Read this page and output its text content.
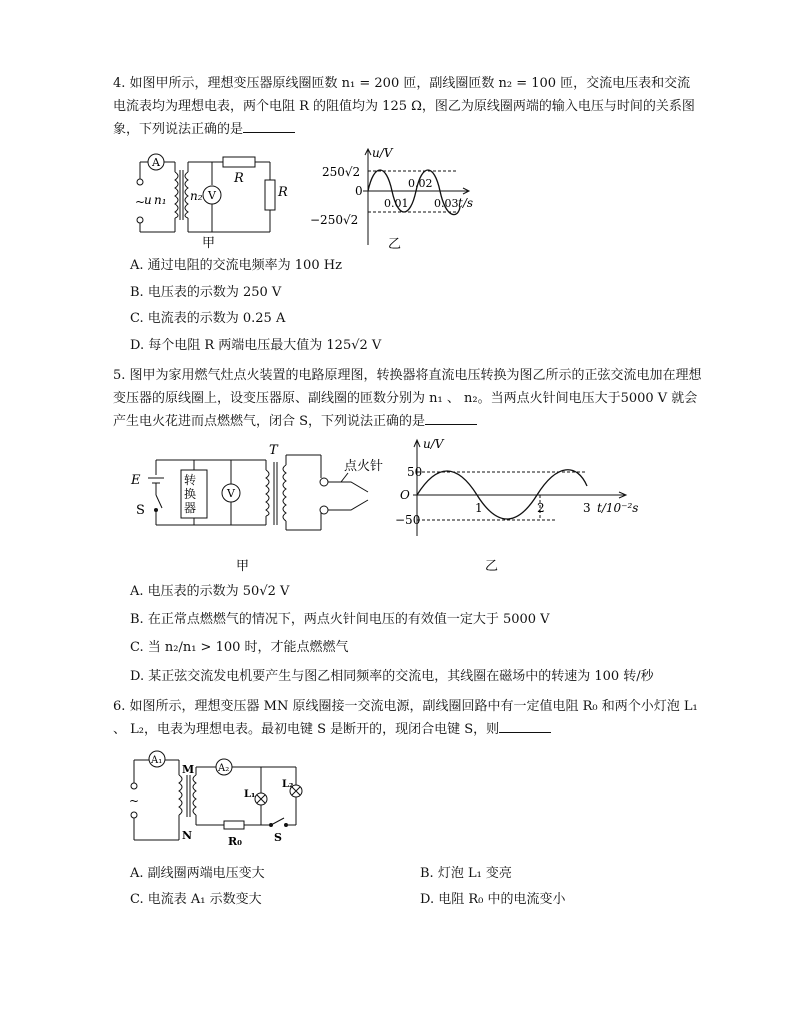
4. 如图甲所示，理想变压器原线圈匝数 n₁ = 200 匝，副线圈匝数 n₂ = 100 匝，交流电压表和交流电流表均为理想电表，两个电阻 R 的阻值均为 125 Ω，图乙为原线圈两端的输入电压与时间的关系图象，下列说法正确的是
A
~
u n₁ n₂ V
R
R
甲
u/V
250√2
0
−250√2
0.01
0.02
0.03 t/s
乙
A. 通过电阻的交流电频率为 100 Hz
B. 电压表的示数为 250 V
C. 电流表的示数为 0.25 A
D. 每个电阻 R 两端电压最大值为 125√2 V
5. 图甲为家用燃气灶点火装置的电路原理图，转换器将直流电压转换为图乙所示的正弦交流电加在理想变压器的原线圈上，设变压器原、副线圈的匝数分别为 n₁ 、 n₂。当两点火针间电压大于5000 V 就会产生电火花进而点燃燃气，闭合 S，下列说法正确的是
E
S
转
换
器
V
T
点火针
甲
u/V
50
O
−50
1	2	3 t/10⁻²s
乙
A. 电压表的示数为 50√2 V
B. 在正常点燃燃气的情况下，两点火针间电压的有效值一定大于 5000 V
C. 当 n₂/n₁ > 100 时，才能点燃燃气
D. 某正弦交流发电机要产生与图乙相同频率的交流电，其线圈在磁场中的转速为 100 转/秒
6. 如图所示，理想变压器 MN 原线圈接一交流电源，副线圈回路中有一定值电阻 R₀ 和两个小灯泡 L₁ 、 L₂，电表为理想电表。最初电键 S 是断开的，现闭合电键 S，则
~
A₁
M
N
A₂
R₀	S
L₁
L₂
A. 副线圈两端电压变大	B. 灯泡 L₁ 变亮
C. 电流表 A₁ 示数变大	D. 电阻 R₀ 中的电流变小
